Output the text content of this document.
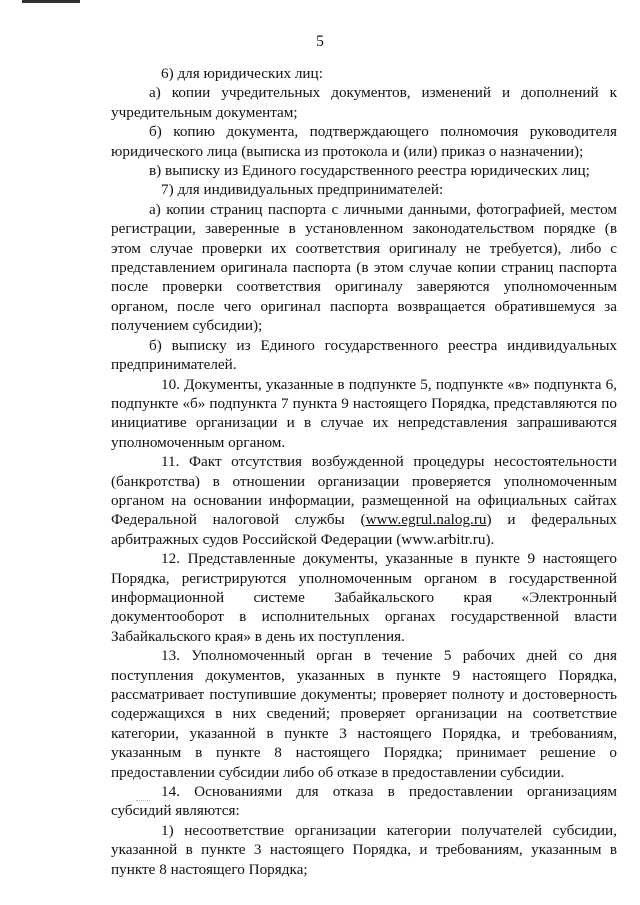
5

6) для юридических лиц:

а) копии учредительных документов, изменений и дополнений к учредительным документам;

б) копию документа, подтверждающего полномочия руководителя юридического лица (выписка из протокола и (или) приказ о назначении);

в) выписку из Единого государственного реестра юридических лиц;

7) для индивидуальных предпринимателей:

а) копии страниц паспорта с личными данными, фотографией, местом регистрации, заверенные в установленном законодательством порядке (в этом случае проверки их соответствия оригиналу не требуется), либо с представлением оригинала паспорта (в этом случае копии страниц паспорта после проверки соответствия оригиналу заверяются уполномоченным органом, после чего оригинал паспорта возвращается обратившемуся за получением субсидии);

б) выписку из Единого государственного реестра индивидуальных предпринимателей.

10. Документы, указанные в подпункте 5, подпункте «в» подпункта 6, подпункте «б» подпункта 7 пункта 9 настоящего Порядка, представляются по инициативе организации и в случае их непредставления запрашиваются уполномоченным органом.

11. Факт отсутствия возбужденной процедуры несостоятельности (банкротства) в отношении организации проверяется уполномоченным органом на основании информации, размещенной на официальных сайтах Федеральной налоговой службы (www.egrul.nalog.ru) и федеральных арбитражных судов Российской Федерации (www.arbitr.ru).

12. Представленные документы, указанные в пункте 9 настоящего Порядка, регистрируются уполномоченным органом в государственной информационной системе Забайкальского края «Электронный документооборот в исполнительных органах государственной власти Забайкальского края» в день их поступления.

13. Уполномоченный орган в течение 5 рабочих дней со дня поступления документов, указанных в пункте 9 настоящего Порядка, рассматривает поступившие документы; проверяет полноту и достоверность содержащихся в них сведений; проверяет организации на соответствие категории, указанной в пункте 3 настоящего Порядка, и требованиям, указанным в пункте 8 настоящего Порядка; принимает решение о предоставлении субсидии либо об отказе в предоставлении субсидии.

14. Основаниями для отказа в предоставлении организациям субсидий являются:

1) несоответствие организации категории получателей субсидии, указанной в пункте 3 настоящего Порядка, и требованиям, указанным в пункте 8 настоящего Порядка;
